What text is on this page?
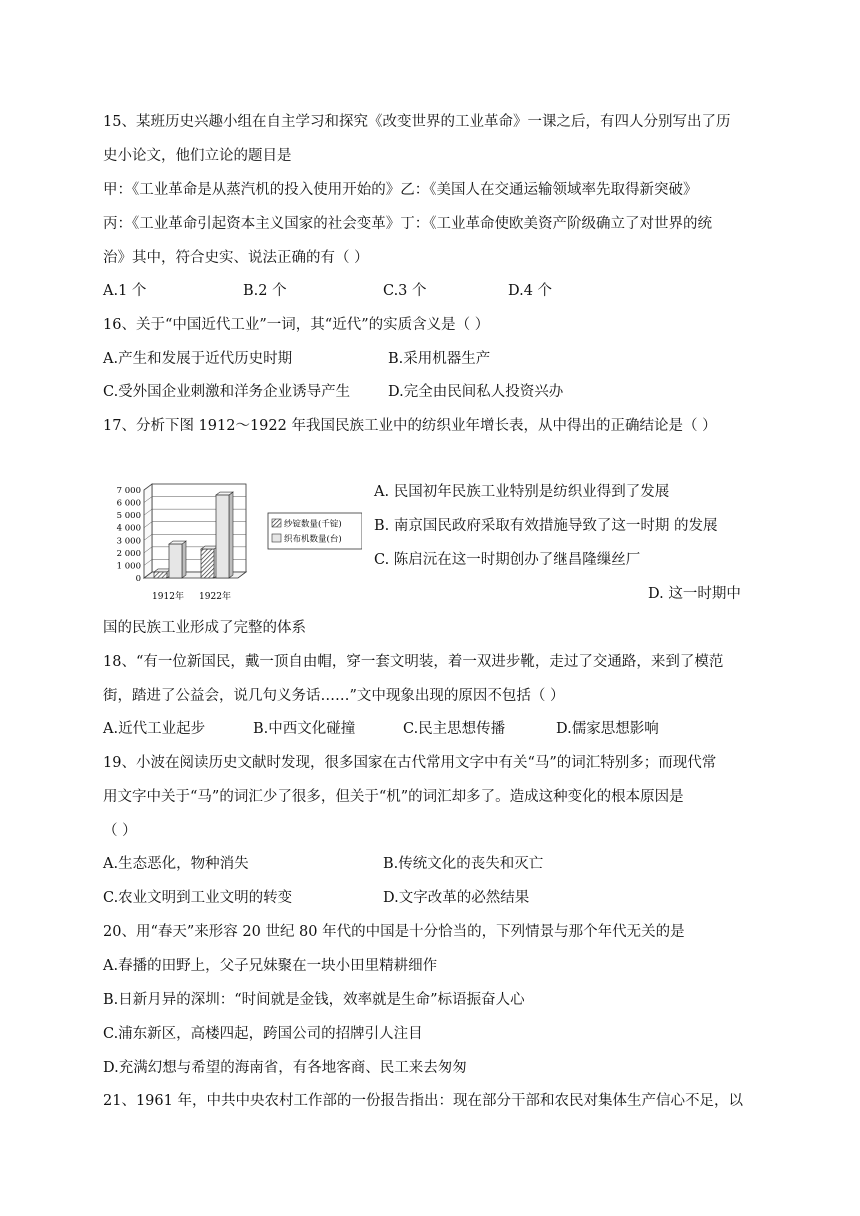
15、某班历史兴趣小组在自主学习和探究《改变世界的工业革命》一课之后，有四人分别写出了历
史小论文，他们立论的题目是
甲：《工业革命是从蒸汽机的投入使用开始的》乙：《美国人在交通运输领域率先取得新突破》
丙：《工业革命引起资本主义国家的社会变革》丁：《工业革命使欧美资产阶级确立了对世界的统
治》其中，符合史实、说法正确的有（ ）
A.1 个	B.2 个	C.3 个	D.4 个
16、关于“中国近代工业”一词，其“近代”的实质含义是（ ）
A.产生和发展于近代历史时期	B.采用机器生产
C.受外国企业刺激和洋务企业诱导产生	D.完全由民间私人投资兴办
17、分析下图 1912～1922 年我国民族工业中的纺织业年增长表，从中得出的正确结论是（ ）
0
1 000
2 000
3 000
4 000
5 000
6 000
7 000
1912年 1922年
纱锭数量(千锭)
织布机数量(台)
A. 民国初年民族工业特别是纺织业得到了发展
B. 南京国民政府采取有效措施导致了这一时期 的发展
C. 陈启沅在这一时期创办了继昌隆缫丝厂
D. 这一时期中
国的民族工业形成了完整的体系
18、“有一位新国民，戴一顶自由帽，穿一套文明装，着一双进步靴，走过了交通路，来到了模范
街，踏进了公益会，说几句义务话……”文中现象出现的原因不包括（ ）
A.近代工业起步	B.中西文化碰撞	C.民主思想传播	D.儒家思想影响
19、小波在阅读历史文献时发现，很多国家在古代常用文字中有关“马”的词汇特别多；而现代常
用文字中关于“马”的词汇少了很多，但关于“机”的词汇却多了。造成这种变化的根本原因是
（ ）
A.生态恶化，物种消失	B.传统文化的丧失和灭亡
C.农业文明到工业文明的转变	D.文字改革的必然结果
20、用“春天”来形容 20 世纪 80 年代的中国是十分恰当的，下列情景与那个年代无关的是
A.春播的田野上，父子兄妹聚在一块小田里精耕细作
B.日新月异的深圳：“时间就是金钱，效率就是生命”标语振奋人心
C.浦东新区，高楼四起，跨国公司的招牌引人注目
D.充满幻想与希望的海南省，有各地客商、民工来去匆匆
21、1961 年，中共中央农村工作部的一份报告指出：现在部分干部和农民对集体生产信心不足，以
